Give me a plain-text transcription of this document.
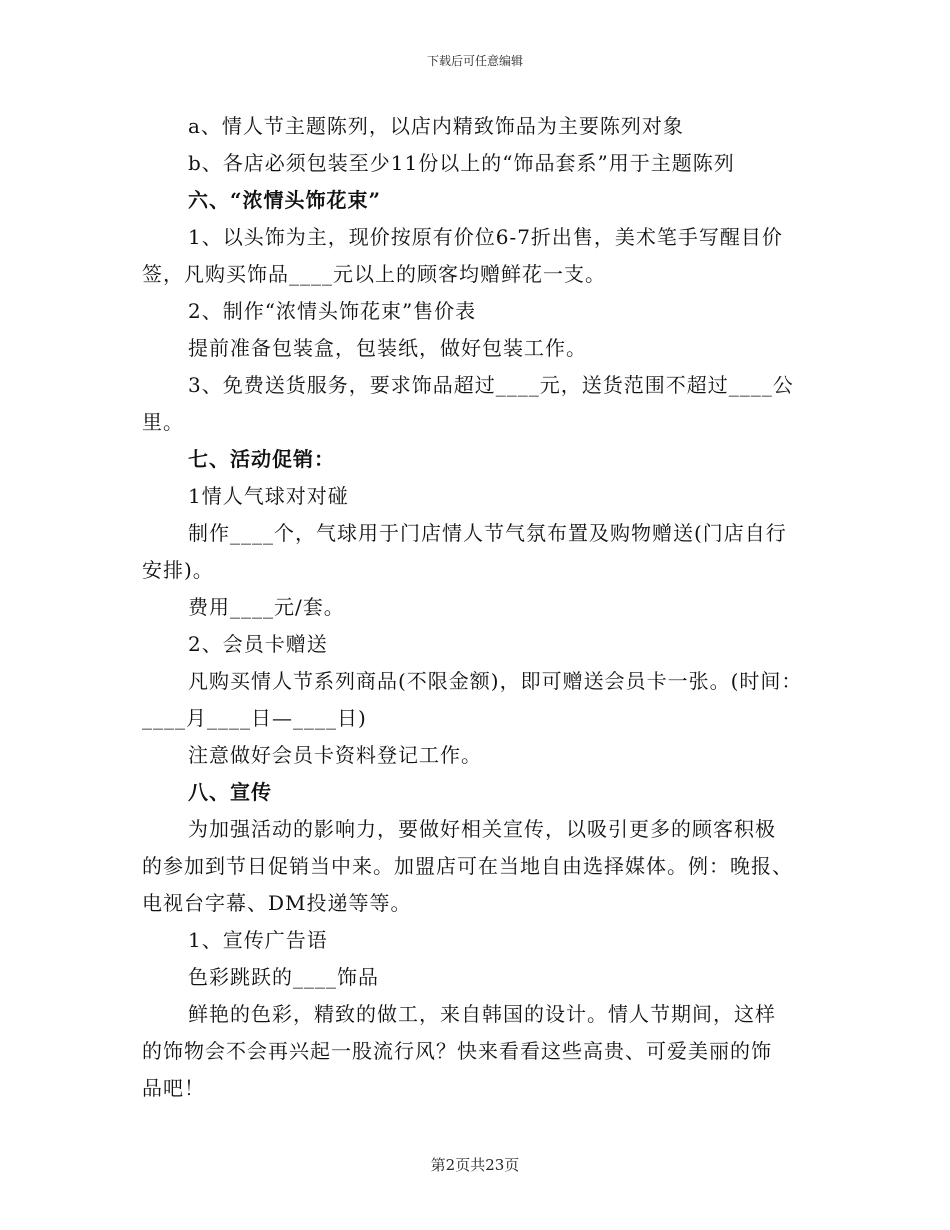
下载后可任意编辑
a、情人节主题陈列，以店内精致饰品为主要陈列对象
b、各店必须包装至少11份以上的“饰品套系”用于主题陈列
六、“浓情头饰花束”
1、以头饰为主，现价按原有价位6-7折出售，美术笔手写醒目价
签，凡购买饰品____元以上的顾客均赠鲜花一支。
2、制作“浓情头饰花束”售价表
提前准备包装盒，包装纸，做好包装工作。
3、免费送货服务，要求饰品超过____元，送货范围不超过____公
里。
七、活动促销：
1情人气球对对碰
制作____个，气球用于门店情人节气氛布置及购物赠送(门店自行
安排)。
费用____元/套。
2、会员卡赠送
凡购买情人节系列商品(不限金额)，即可赠送会员卡一张。(时间：
____月____日—____日)
注意做好会员卡资料登记工作。
八、宣传
为加强活动的影响力，要做好相关宣传，以吸引更多的顾客积极
的参加到节日促销当中来。加盟店可在当地自由选择媒体。例：晚报、
电视台字幕、DM投递等等。
1、宣传广告语
色彩跳跃的____饰品
鲜艳的色彩，精致的做工，来自韩国的设计。情人节期间，这样
的饰物会不会再兴起一股流行风？快来看看这些高贵、可爱美丽的饰
品吧！
第2页共23页
